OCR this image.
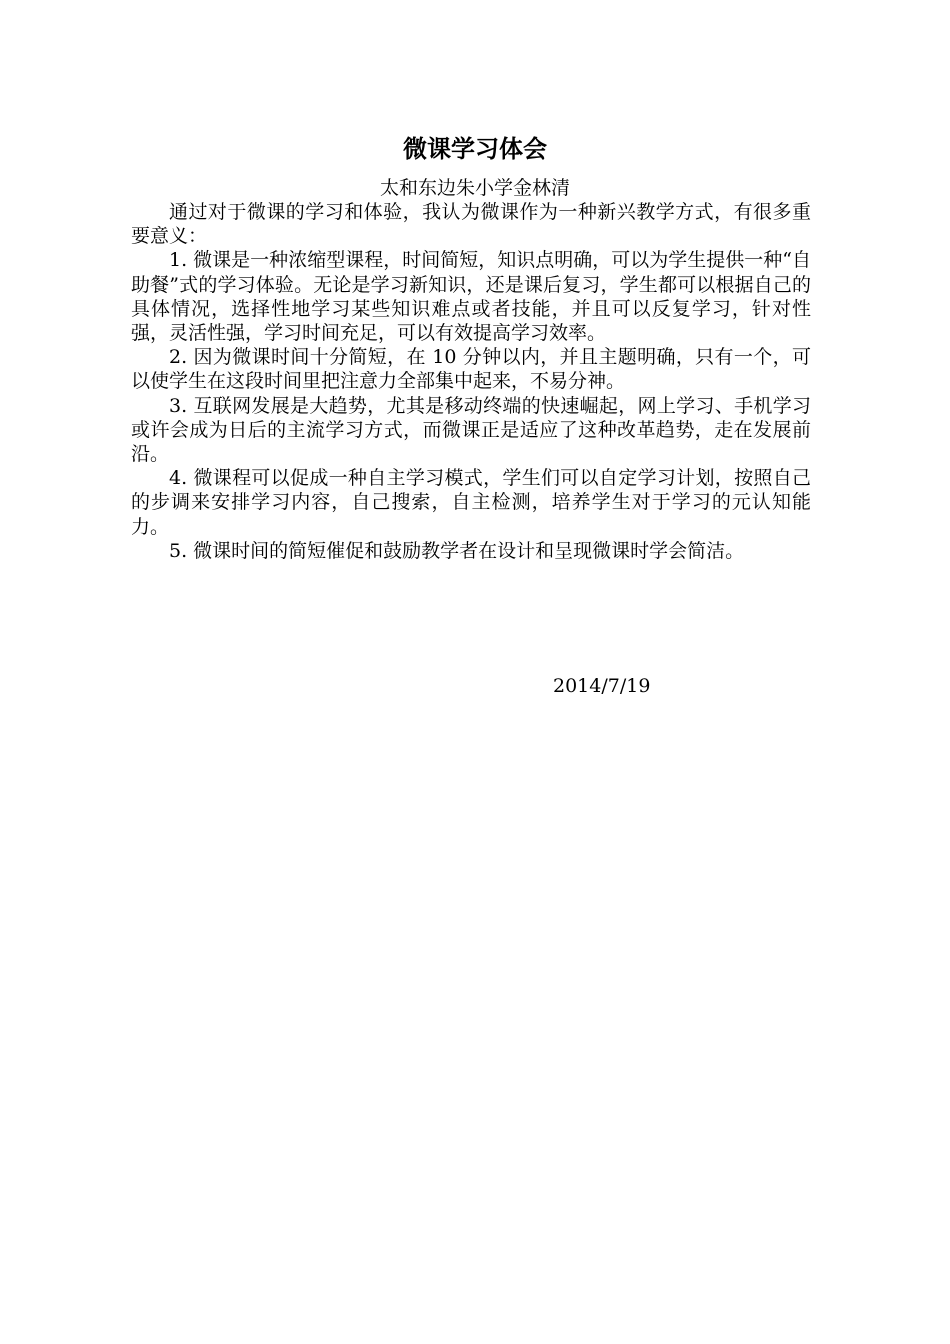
微课学习体会
太和东边朱小学金林清

通过对于微课的学习和体验，我认为微课作为一种新兴教学方式，有很多重要意义：

1. 微课是一种浓缩型课程，时间简短，知识点明确，可以为学生提供一种“自助餐”式的学习体验。无论是学习新知识，还是课后复习，学生都可以根据自己的具体情况，选择性地学习某些知识难点或者技能，并且可以反复学习，针对性强，灵活性强，学习时间充足，可以有效提高学习效率。

2. 因为微课时间十分简短，在 10 分钟以内，并且主题明确，只有一个，可以使学生在这段时间里把注意力全部集中起来，不易分神。

3. 互联网发展是大趋势，尤其是移动终端的快速崛起，网上学习、手机学习或许会成为日后的主流学习方式，而微课正是适应了这种改革趋势，走在发展前沿。

4. 微课程可以促成一种自主学习模式，学生们可以自定学习计划，按照自己的步调来安排学习内容，自己搜索，自主检测，培养学生对于学习的元认知能力。

5. 微课时间的简短催促和鼓励教学者在设计和呈现微课时学会简洁。

2014/7/19
